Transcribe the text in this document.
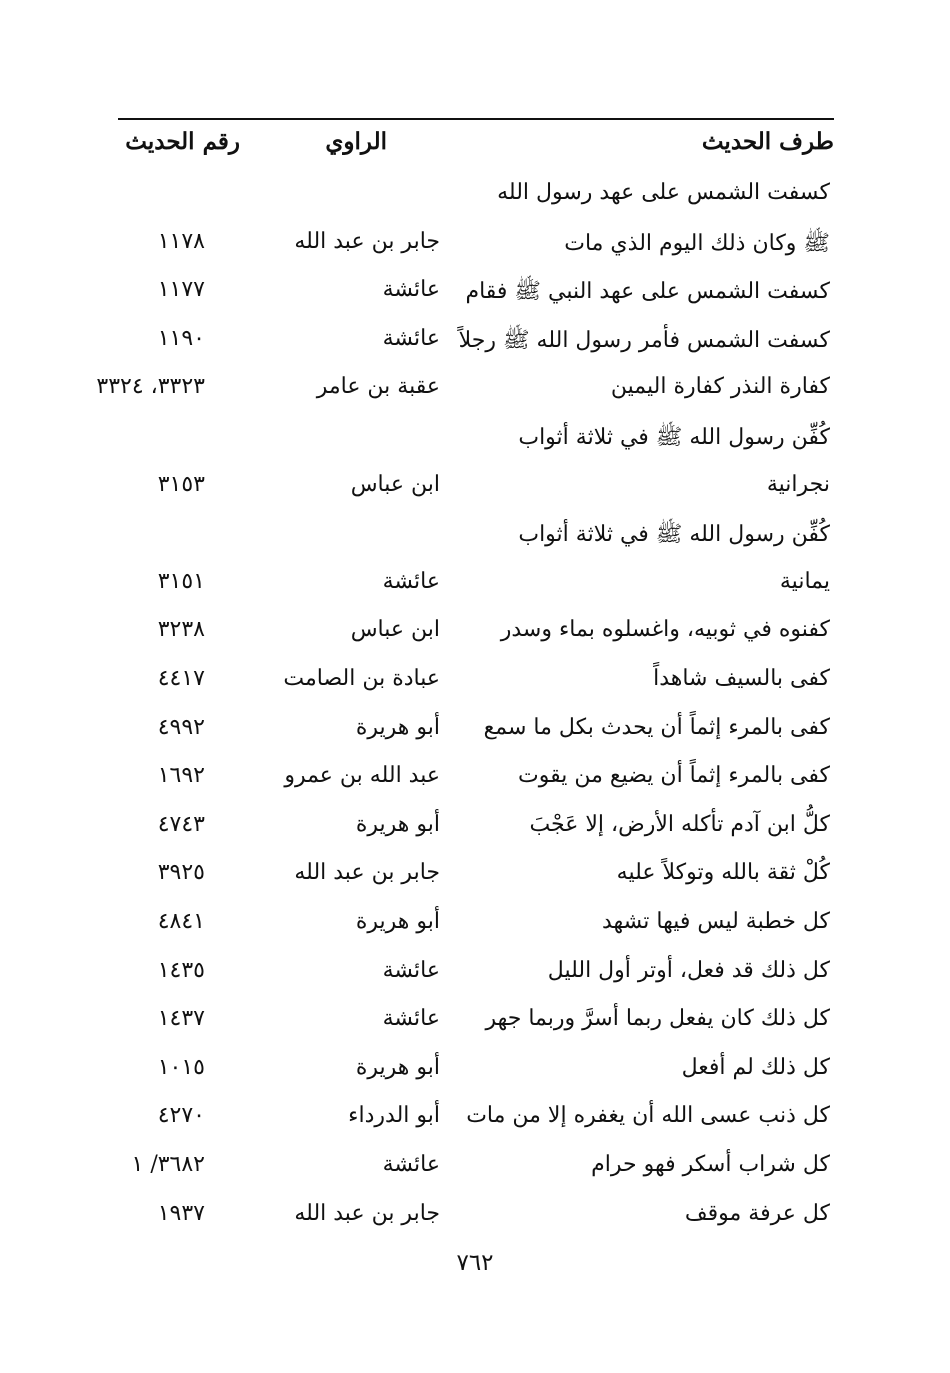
طرف الحديث
الراوي
رقم الحديث
كسفت الشمس على عهد رسول الله
ﷺ وكان ذلك اليوم الذي مات
جابر بن عبد الله
١١٧٨
كسفت الشمس على عهد النبي ﷺ فقام
عائشة
١١٧٧
كسفت الشمس فأمر رسول الله ﷺ رجلاً
عائشة
١١٩٠
كفارة النذر كفارة اليمين
عقبة بن عامر
٣٣٢٣، ٣٣٢٤
كُفِّن رسول الله ﷺ في ثلاثة أثواب
نجرانية
ابن عباس
٣١٥٣
كُفِّن رسول الله ﷺ في ثلاثة أثواب
يمانية
عائشة
٣١٥١
كفنوه في ثوبيه، واغسلوه بماء وسدر
ابن عباس
٣٢٣٨
كفى بالسيف شاهداً
عبادة بن الصامت
٤٤١٧
كفى بالمرء إثماً أن يحدث بكل ما سمع
أبو هريرة
٤٩٩٢
كفى بالمرء إثماً أن يضيع من يقوت
عبد الله بن عمرو
١٦٩٢
كلُّ ابن آدم تأكله الأرض، إلا عَجْبَ
أبو هريرة
٤٧٤٣
كُلْ ثقة بالله وتوكلاً عليه
جابر بن عبد الله
٣٩٢٥
كل خطبة ليس فيها تشهد
أبو هريرة
٤٨٤١
كل ذلك قد فعل، أوتر أول الليل
عائشة
١٤٣٥
كل ذلك كان يفعل ربما أسرَّ وربما جهر
عائشة
١٤٣٧
كل ذلك لم أفعل
أبو هريرة
١٠١٥
كل ذنب عسى الله أن يغفره إلا من مات
أبو الدرداء
٤٢٧٠
كل شراب أسكر فهو حرام
عائشة
٣٦٨٢/ ١
كل عرفة موقف
جابر بن عبد الله
١٩٣٧
٧٦٢
